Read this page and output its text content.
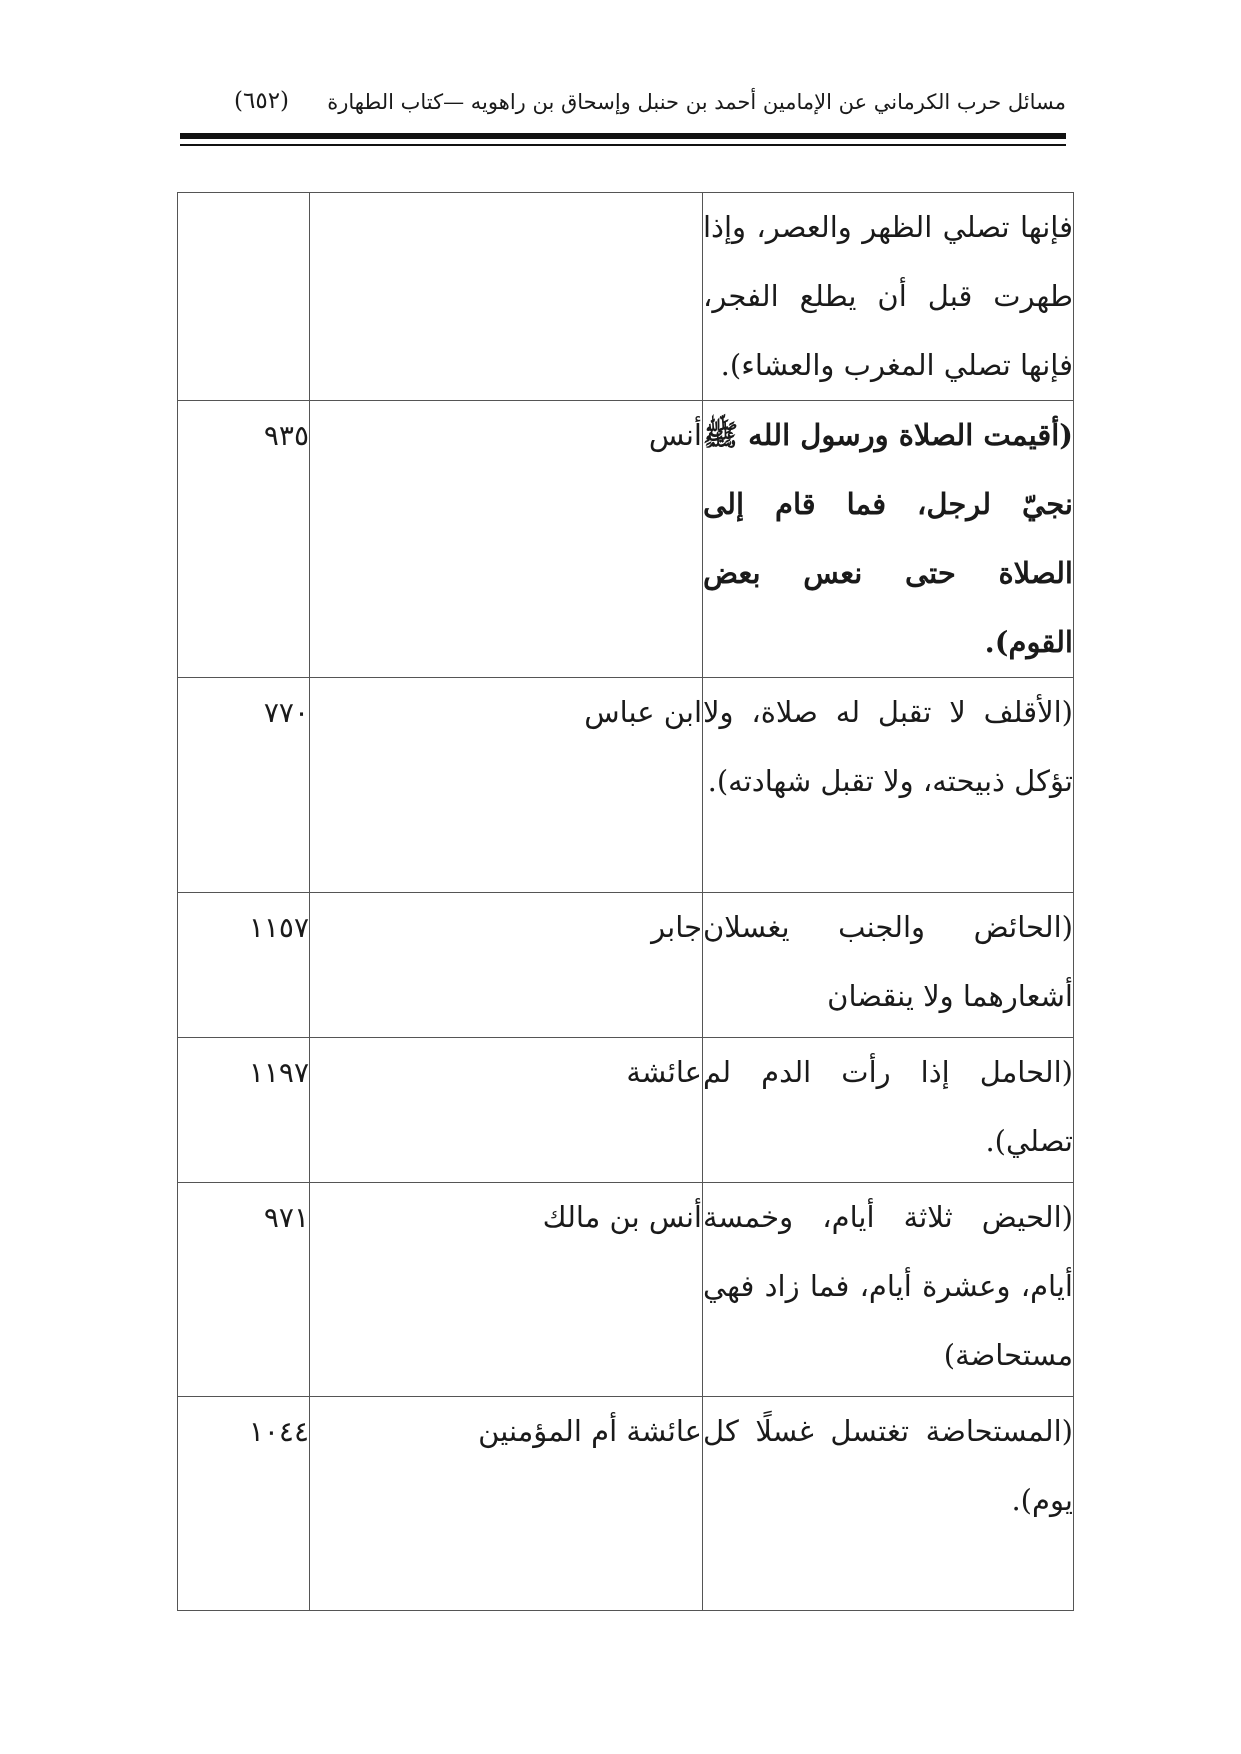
مسائل حرب الكرماني عن الإمامين أحمد بن حنبل وإسحاق بن راهويه —كتاب الطهارة
(٦٥٢)
فإنها تصلي الظهر والعصر، وإذا طهرت قبل أن يطلع الفجر، فإنها تصلي المغرب والعشاء).		
(أقيمت الصلاة ورسول الله ﷺ نجيّ لرجل، فما قام إلى الصلاة حتى نعس بعض القوم).	أنس	٩٣٥
(الأقلف لا تقبل له صلاة، ولا تؤكل ذبيحته، ولا تقبل شهادته).	ابن عباس	٧٧٠
(الحائض والجنب يغسلان أشعارهما ولا ينقضان	جابر	١١٥٧
(الحامل إذا رأت الدم لم تصلي).	عائشة	١١٩٧
(الحيض ثلاثة أيام، وخمسة أيام، وعشرة أيام، فما زاد فهي مستحاضة)	أنس بن مالك	٩٧١
(المستحاضة تغتسل غسلًا كل يوم).	عائشة أم المؤمنين	١٠٤٤
